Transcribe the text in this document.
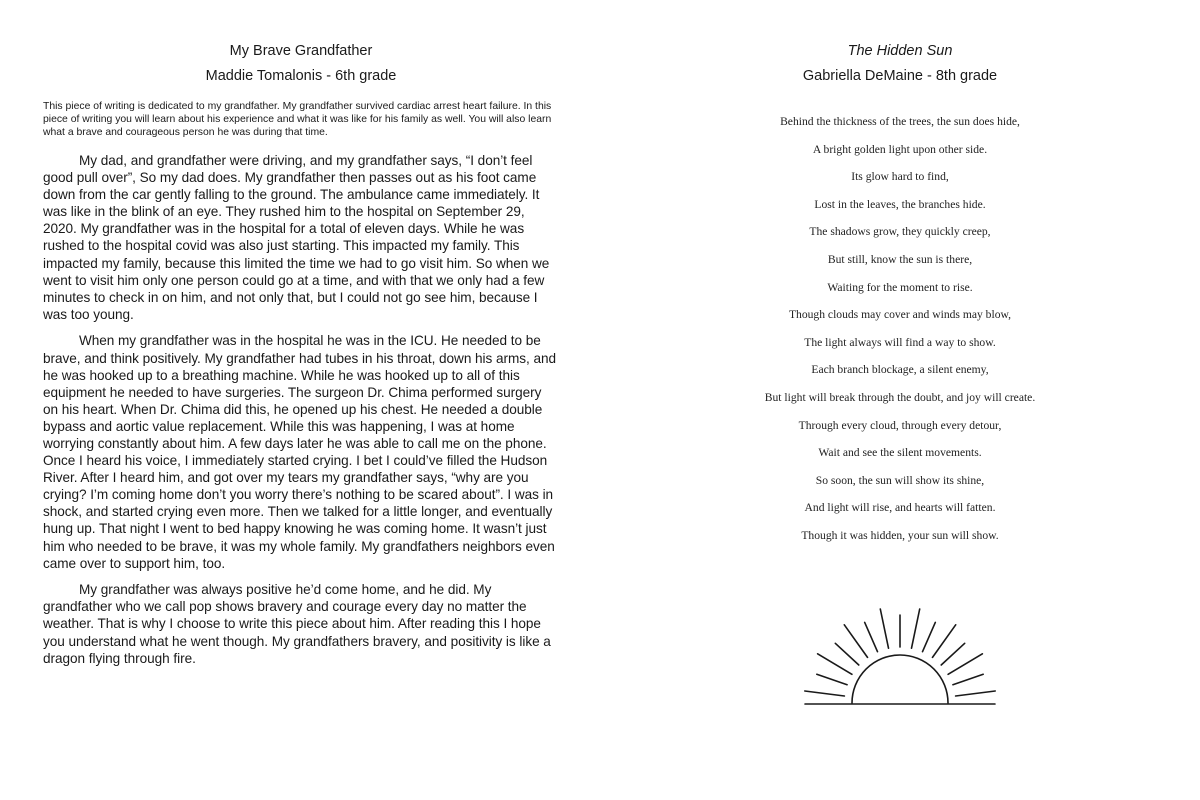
My Brave Grandfather
Maddie Tomalonis - 6th grade
This piece of writing is dedicated to my grandfather. My grandfather survived cardiac arrest heart failure. In this piece of writing you will learn about his experience and what it was like for his family as well. You will also learn what a brave and courageous person he was during that time.

My dad, and grandfather were driving, and my grandfather says, “I don’t feel good pull over”, So my dad does. My grandfather then passes out as his foot came down from the car gently falling to the ground. The ambulance came immediately. It was like in the blink of an eye. They rushed him to the hospital on September 29, 2020. My grandfather was in the hospital for a total of eleven days. While he was rushed to the hospital covid was also just starting. This impacted my family. This impacted my family, because this limited the time we had to go visit him. So when we went to visit him only one person could go at a time, and with that we only had a few minutes to check in on him, and not only that, but I could not go see him, because I was too young.

When my grandfather was in the hospital he was in the ICU. He needed to be brave, and think positively. My grandfather had tubes in his throat, down his arms, and he was hooked up to a breathing machine. While he was hooked up to all of this equipment he needed to have surgeries. The surgeon Dr. Chima performed surgery on his heart. When Dr. Chima did this, he opened up his chest. He needed a double bypass and aortic value replacement. While this was happening, I was at home worrying constantly about him. A few days later he was able to call me on the phone. Once I heard his voice, I immediately started crying. I bet I could’ve filled the Hudson River. After I heard him, and got over my tears my grandfather says, “why are you crying? I’m coming home don’t you worry there’s nothing to be scared about”. I was in shock, and started crying even more. Then we talked for a little longer, and eventually hung up. That night I went to bed happy knowing he was coming home. It wasn’t just him who needed to be brave, it was my whole family. My grandfathers neighbors even came over to support him, too.

My grandfather was always positive he’d come home, and he did. My grandfather who we call pop shows bravery and courage every day no matter the weather. That is why I choose to write this piece about him. After reading this I hope you understand what he went though. My grandfathers bravery, and positivity is like a dragon flying through fire.

The Hidden Sun
Gabriella DeMaine - 8th grade
Behind the thickness of the trees, the sun does hide,
A bright golden light upon other side.
Its glow hard to find,
Lost in the leaves, the branches hide.
The shadows grow, they quickly creep,
But still, know the sun is there,
Waiting for the moment to rise.
Though clouds may cover and winds may blow,
The light always will find a way to show.
Each branch blockage, a silent enemy,
But light will break through the doubt, and joy will create.
Through every cloud, through every detour,
Wait and see the silent movements.
So soon, the sun will show its shine,
And light will rise, and hearts will fatten.
Though it was hidden, your sun will show.
